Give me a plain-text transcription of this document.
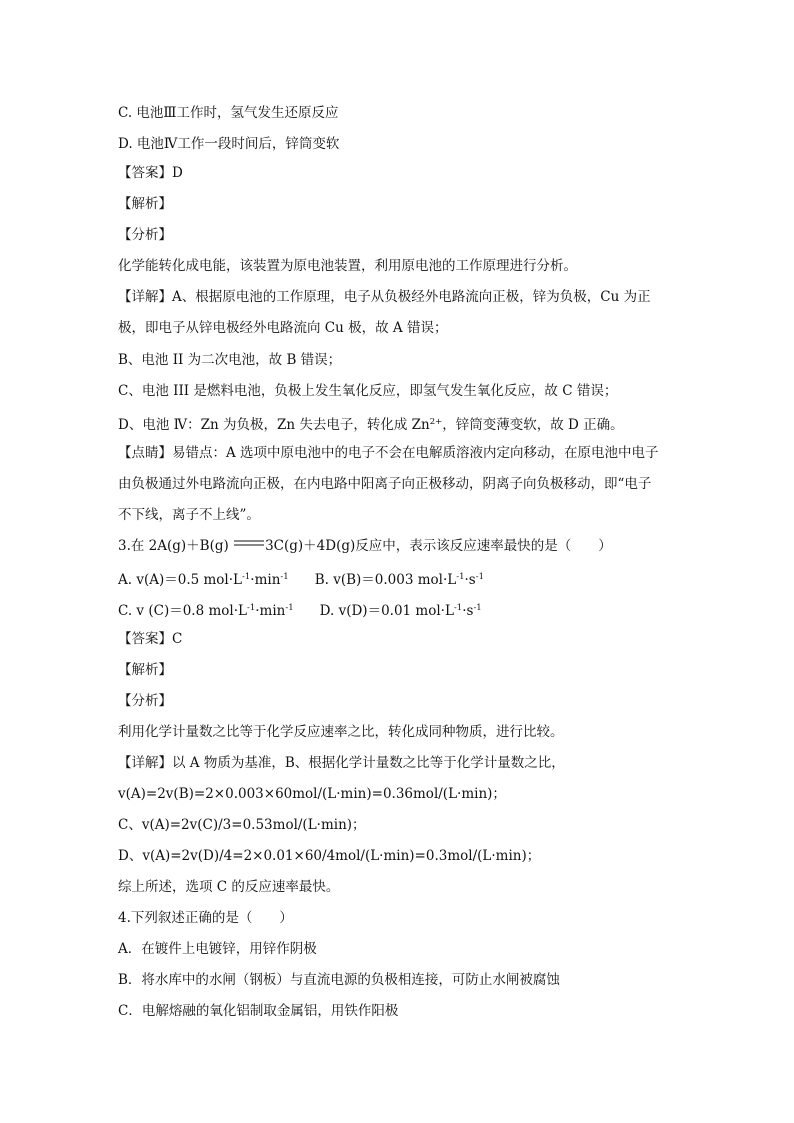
C. 电池Ⅲ工作时，氢气发生还原反应
D. 电池Ⅳ工作一段时间后，锌筒变软
【答案】D
【解析】
【分析】
化学能转化成电能，该装置为原电池装置，利用原电池的工作原理进行分析。
【详解】A、根据原电池的工作原理，电子从负极经外电路流向正极，锌为负极，Cu 为正
极，即电子从锌电极经外电路流向 Cu 极，故 A 错误；
B、电池 II 为二次电池，故 B 错误；
C、电池 III 是燃料电池，负极上发生氧化反应，即氢气发生氧化反应，故 C 错误；
D、电池 Ⅳ：Zn 为负极，Zn 失去电子，转化成 $Zn^{2+}$，锌筒变薄变软，故 D 正确。
【点睛】易错点：A 选项中原电池中的电子不会在电解质溶液内定向移动，在原电池中电子
由负极通过外电路流向正极，在内电路中阳离子向正极移动，阴离子向负极移动，即“电子
不下线，离子不上线”。
3.在 2A(g)＋B(g) 3C(g)＋4D(g)反应中，表示该反应速率最快的是（　　）
A. v(A)＝0.5 $mol\cdot L^{-1}\cdot\min^{-1}$ B. v(B)＝0.003 $mol\cdot L^{-1}\cdot s^{-1}$
C. v (C)＝0.8 $mol\cdot L^{-1}\cdot\min^{-1}$ D. v(D)＝0.01 $mol\cdot L^{-1}\cdot s^{-1}$
【答案】C
【解析】
【分析】
利用化学计量数之比等于化学反应速率之比，转化成同种物质，进行比较。
【详解】以 A 物质为基准，B、根据化学计量数之比等于化学计量数之比，
v(A)=2v(B)=2×0.003×60mol/(L·min)=0.36mol/(L·min)；
C、v(A)=2v(C)/3=0.53mol/(L·min)；
D、v(A)=2v(D)/4=2×0.01×60/4mol/(L·min)=0.3mol/(L·min)；
综上所述，选项 C 的反应速率最快。
4.下列叙述正确的是（　　）
A．在镀件上电镀锌，用锌作阴极
B．将水库中的水闸（钢板）与直流电源的负极相连接，可防止水闸被腐蚀
C．电解熔融的氧化铝制取金属铝，用铁作阳极
